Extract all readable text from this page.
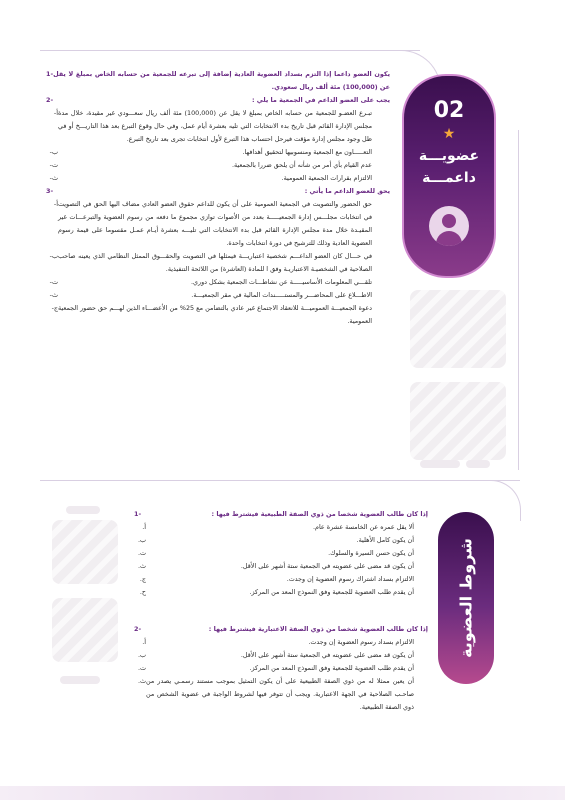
02
★
عضويـــة
داعمـــة
-1 يكون العضو داعما إذا التزم بسداد العضوية العادية إضافة إلى تبرعه للجمعية من حسابه الخاص بمبلغ لا يقل عن (100,000) مئة ألف ريال سعودي.
-2	يجب على العضو الداعم في الجمعية ما يلي :
أ- تبـرع العضـو للجمعية من حسابه الخاص بمبلغ لا يقل عن (100,000) مئة ألف ريال سعـــودي غير مقيدة، خلال مدة مجلس الإدارة القائم قبل تاريخ بدء الانتخابات التي تليه بعشرة أيام عمل، وفي حال وقوع التبرع بعد هذا التاريـــخ أو في ظل وجود مجلس إدارة مؤقت فيرحل احتساب هذا التبرع لأول انتخابات تجرى بعد تاريخ التبرع.
ب-	التعـــــاون مع الجمعية ومنسوبيها لتحقيق أهدافها.
ت-	عدم القيام بأي أمر من شأنه أن يلحق ضررا بالجمعية.
ث-	الالتزام بقرارات الجمعية العمومية.
-3	يحق للعضو الداعم ما يأتي :
أ- حق الحضور والتصويت في الجمعية العمومية على أن يكون للداعم حقوق العضو العادي مضاف اليها الحق في التصويت في انتخابات مجلـــس إدارة الجمعيـــــة بعدد من الأصوات توازي مجموع ما دفعه من رسوم العضوية والتبرعـــات غير المقيـدة خلال مدة مجلس الإدارة القائم قبل بدء الانتخابات التي تليـــه بعشرة أيـام عمـل مقسوما على قيمة رسوم العضوية العادية وذلك للترشيح في دورة انتخابات واحدة.
ب- في حـــال كان العضو الداعـــم شخصية اعتباريـــة فيمثلها في التصويت والحقـــوق الممثل النظامي الذي يعينه صاحب الصلاحية في الشخصيـة الاعتباريـة وفق ا للمادة (العاشرة) من اللائحة التنفيذية.
ت-	تلقـــي المعلومات الأساسيـــــة عن نشاطـــات الجمعية بشكل دوري.
ث-	الاطـــلاع على المحاضـــر والمستـــــندات المالية في مقر الجمعيـــة.
ج- دعوة الجمعيـــة العموميـــة للانعقاد الاجتماع غير عادي بالتضامن مع 25% من الأعضـــاء الذين لهـــم حق حضور الجمعية العمومية.
شروط العضوية
-1	إذا كان طالب العضوية شخصا من ذوي الصفة الطبيعية فيشترط فيها :
أ.	ألا يقل عمره عن الخامسة عشرة عام.
ب.	أن يكون كامل الأهلية.
ت.	أن يكون حسن السيرة والسلوك.
ث.	أن يكون قد مضى على عضويته في الجمعية ستة أشهر على الأقل.
ج.	الالتزام بسداد اشتراك رسوم العضوية إن وجدت.
ح.	أن يقدم طلب العضوية للجمعية وفق النموذج المعد من المركز.
-2	إذا كان طالب العضوية شخصا من ذوي الصفة الاعتبارية فيشترط فيها :
أ.	الالتزام بسداد رسوم العضوية إن وجدت.
ب.	أن يكون قد مضى على عضويته في الجمعية ستة أشهر على الأقل.
ت.	أن يقدم طلب العضوية للجمعية وفق النموذج المعد من المركز.
ث. أن يعين ممثلا له من ذوي الصفة الطبيعية على أن يكون التمثيل بموجب مستند رسمـي يصدر من صاحـب الصلاحية في الجهة الاعتبارية. ويجب أن تتوفر فيها لشروط الواجبة في عضوية الشخص من ذوي الصفة الطبيعية.
